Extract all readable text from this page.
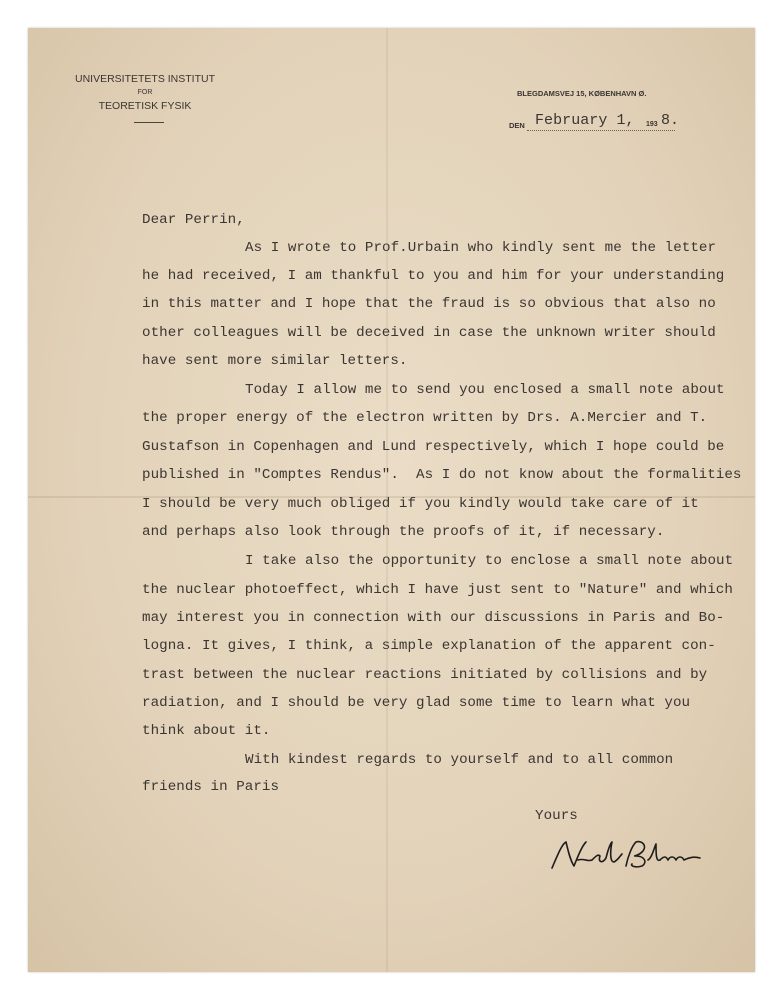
UNIVERSITETETS INSTITUT
FOR
TEORETISK FYSIK
BLEGDAMSVEJ 15, KØBENHAVN Ø.
DEN February 1, 193 8.
Dear Perrin,
As I wrote to Prof.Urbain who kindly sent me the letter
he had received, I am thankful to you and him for your understanding
in this matter and I hope that the fraud is so obvious that also no
other colleagues will be deceived in case the unknown writer should
have sent more similar letters.
Today I allow me to send you enclosed a small note about
the proper energy of the electron written by Drs. A.Mercier and T.
Gustafson in Copenhagen and Lund respectively, which I hope could be
published in "Comptes Rendus".  As I do not know about the formalities
I should be very much obliged if you kindly would take care of it
and perhaps also look through the proofs of it, if necessary.
I take also the opportunity to enclose a small note about
the nuclear photoeffect, which I have just sent to "Nature" and which
may interest you in connection with our discussions in Paris and Bo-
logna. It gives, I think, a simple explanation of the apparent con-
trast between the nuclear reactions initiated by collisions and by
radiation, and I should be very glad some time to learn what you
think about it.
With kindest regards to yourself and to all common
friends in Paris
Yours
